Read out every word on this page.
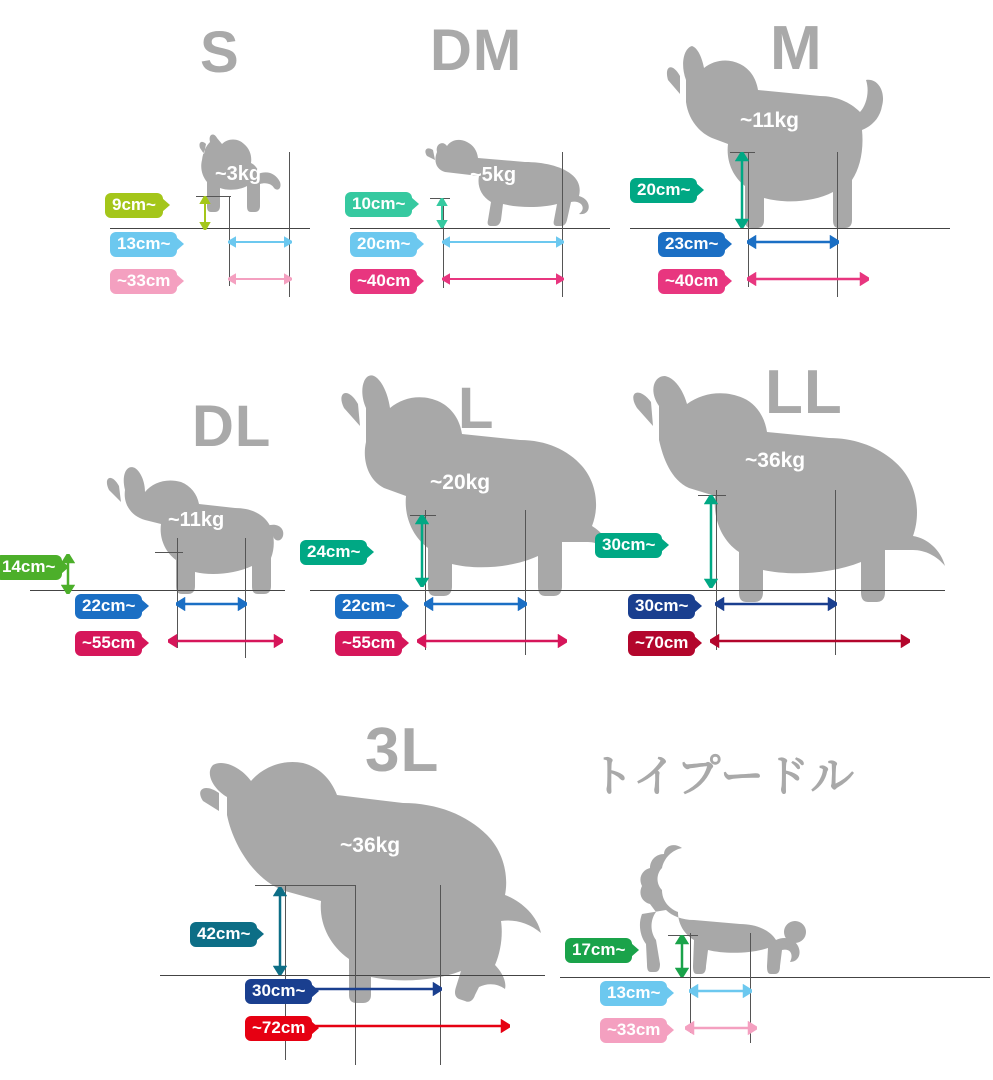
S
~3kg
9cm~
13cm~
~33cm
DM
~5kg
10cm~
20cm~
~40cm
M
~11kg
20cm~
23cm~
~40cm
DL
~11kg
14cm~
22cm~
~55cm
L
~20kg
24cm~
22cm~
~55cm
LL
~36kg
30cm~
30cm~
~70cm
3L
~36kg
42cm~
30cm~
~72cm
トイプードル
~6kg
17cm~
13cm~
~33cm
